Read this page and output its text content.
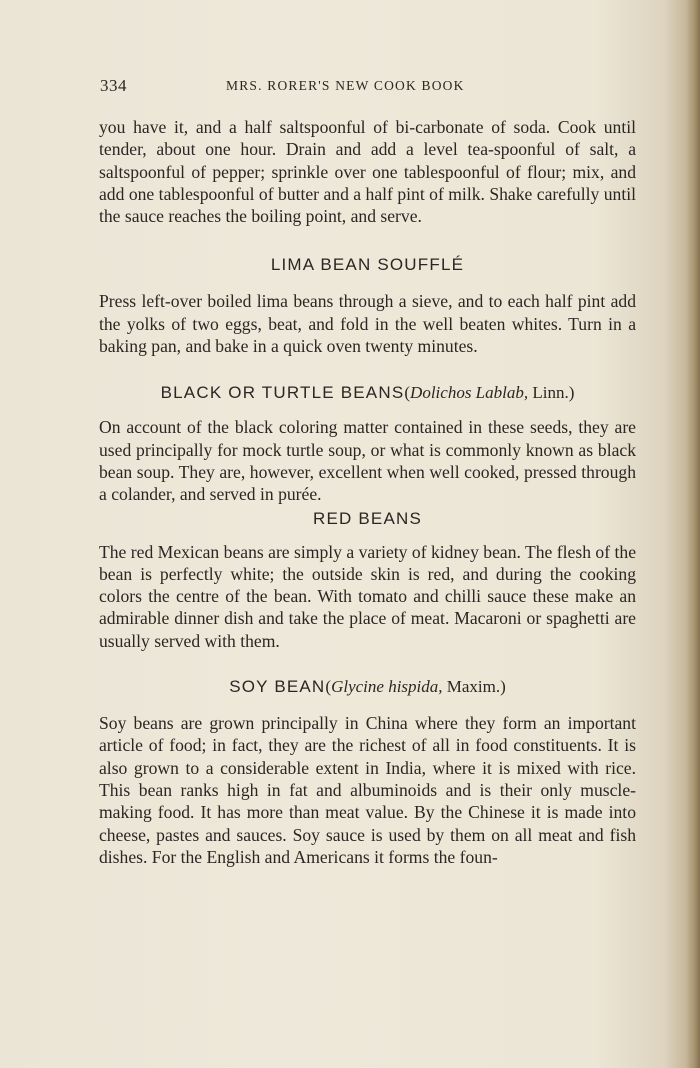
334	MRS. RORER'S NEW COOK BOOK

you have it, and a half saltspoonful of bi-carbonate of soda. Cook until tender, about one hour. Drain and add a level tea-spoonful of salt, a saltspoonful of pepper; sprinkle over one tablespoonful of flour; mix, and add one tablespoonful of butter and a half pint of milk. Shake carefully until the sauce reaches the boiling point, and serve.

LIMA BEAN SOUFFLÉ

Press left-over boiled lima beans through a sieve, and to each half pint add the yolks of two eggs, beat, and fold in the well beaten whites. Turn in a baking pan, and bake in a quick oven twenty minutes.

BLACK OR TURTLE BEANS(Dolichos Lablab, Linn.)

On account of the black coloring matter contained in these seeds, they are used principally for mock turtle soup, or what is commonly known as black bean soup. They are, however, excellent when well cooked, pressed through a colander, and served in purée.

RED BEANS

The red Mexican beans are simply a variety of kidney bean. The flesh of the bean is perfectly white; the outside skin is red, and during the cooking colors the centre of the bean. With tomato and chilli sauce these make an admirable dinner dish and take the place of meat. Macaroni or spaghetti are usually served with them.

SOY BEAN(Glycine hispida, Maxim.)

Soy beans are grown principally in China where they form an important article of food; in fact, they are the richest of all in food constituents. It is also grown to a considerable extent in India, where it is mixed with rice. This bean ranks high in fat and albuminoids and is their only muscle-making food. It has more than meat value. By the Chinese it is made into cheese, pastes and sauces. Soy sauce is used by them on all meat and fish dishes. For the English and Americans it forms the foun-
